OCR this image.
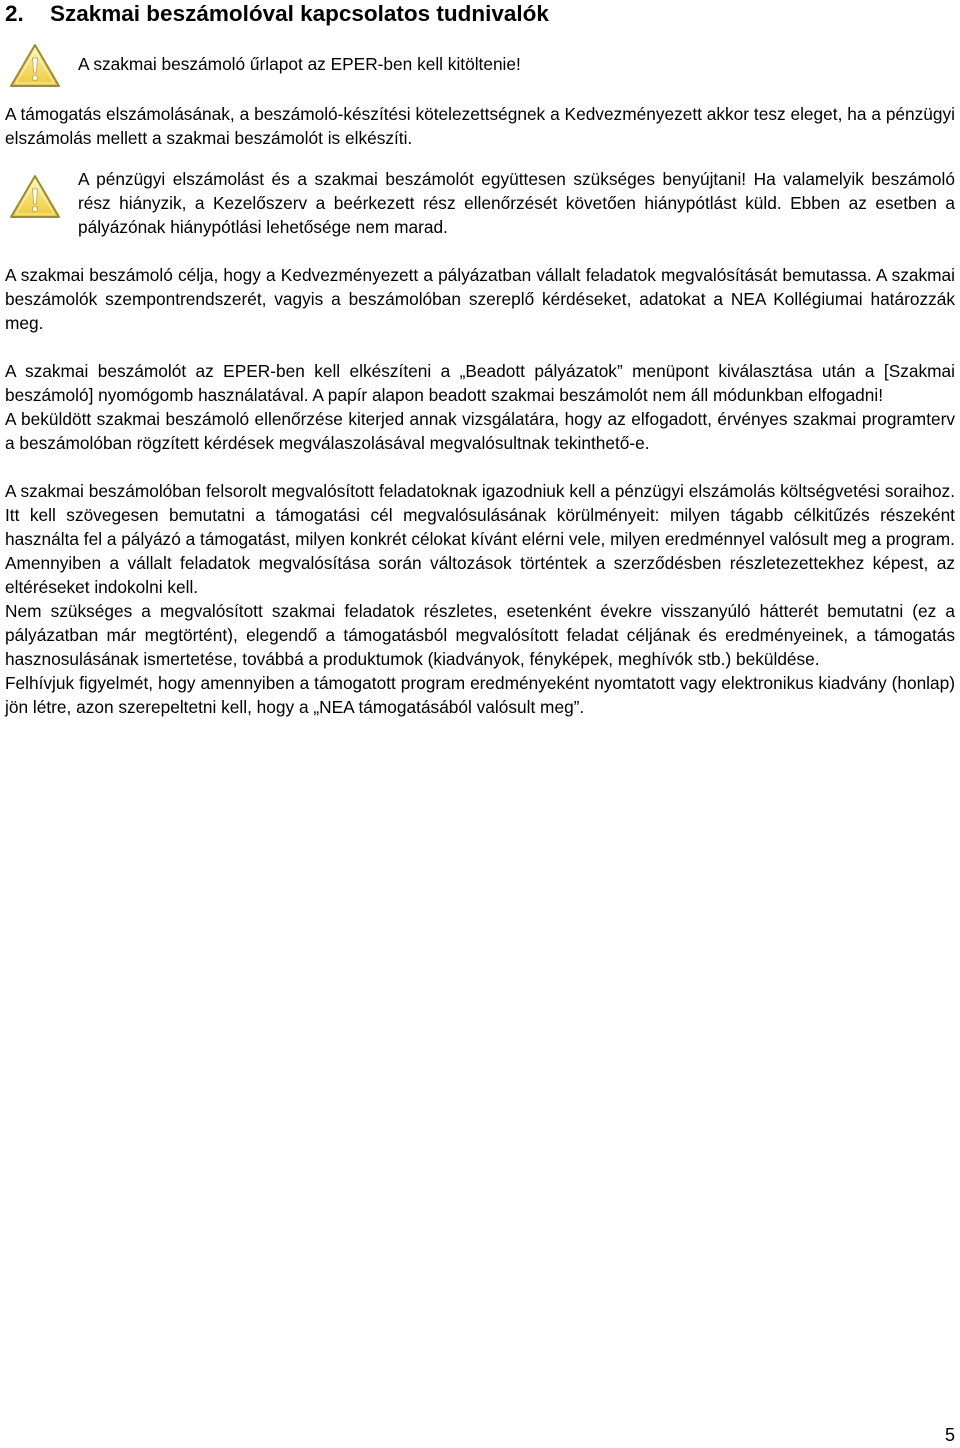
2. Szakmai beszámolóval kapcsolatos tudnivalók

A szakmai beszámoló űrlapot az EPER-ben kell kitöltenie!

A támogatás elszámolásának, a beszámoló-készítési kötelezettségnek a Kedvezményezett akkor tesz eleget, ha a pénzügyi elszámolás mellett a szakmai beszámolót is elkészíti.

A pénzügyi elszámolást és a szakmai beszámolót együttesen szükséges benyújtani! Ha valamelyik beszámoló rész hiányzik, a Kezelőszerv a beérkezett rész ellenőrzését követően hiánypótlást küld. Ebben az esetben a pályázónak hiánypótlási lehetősége nem marad.

A szakmai beszámoló célja, hogy a Kedvezményezett a pályázatban vállalt feladatok megvalósítását bemutassa. A szakmai beszámolók szempontrendszerét, vagyis a beszámolóban szereplő kérdéseket, adatokat a NEA Kollégiumai határozzák meg.

A szakmai beszámolót az EPER-ben kell elkészíteni a „Beadott pályázatok” menüpont kiválasztása után a [Szakmai beszámoló] nyomógomb használatával. A papír alapon beadott szakmai beszámolót nem áll módunkban elfogadni!

A beküldött szakmai beszámoló ellenőrzése kiterjed annak vizsgálatára, hogy az elfogadott, érvényes szakmai programterv a beszámolóban rögzített kérdések megválaszolásával megvalósultnak tekinthető-e.

A szakmai beszámolóban felsorolt megvalósított feladatoknak igazodniuk kell a pénzügyi elszámolás költségvetési soraihoz. Itt kell szövegesen bemutatni a támogatási cél megvalósulásának körülményeit: milyen tágabb célkitűzés részeként használta fel a pályázó a támogatást, milyen konkrét célokat kívánt elérni vele, milyen eredménnyel valósult meg a program. Amennyiben a vállalt feladatok megvalósítása során változások történtek a szerződésben részletezettekhez képest, az eltéréseket indokolni kell.

Nem szükséges a megvalósított szakmai feladatok részletes, esetenként évekre visszanyúló hátterét bemutatni (ez a pályázatban már megtörtént), elegendő a támogatásból megvalósított feladat céljának és eredményeinek, a támogatás hasznosulásának ismertetése, továbbá a produktumok (kiadványok, fényképek, meghívók stb.) beküldése.

Felhívjuk figyelmét, hogy amennyiben a támogatott program eredményeként nyomtatott vagy elektronikus kiadvány (honlap) jön létre, azon szerepeltetni kell, hogy a „NEA támogatásából valósult meg”.

5
